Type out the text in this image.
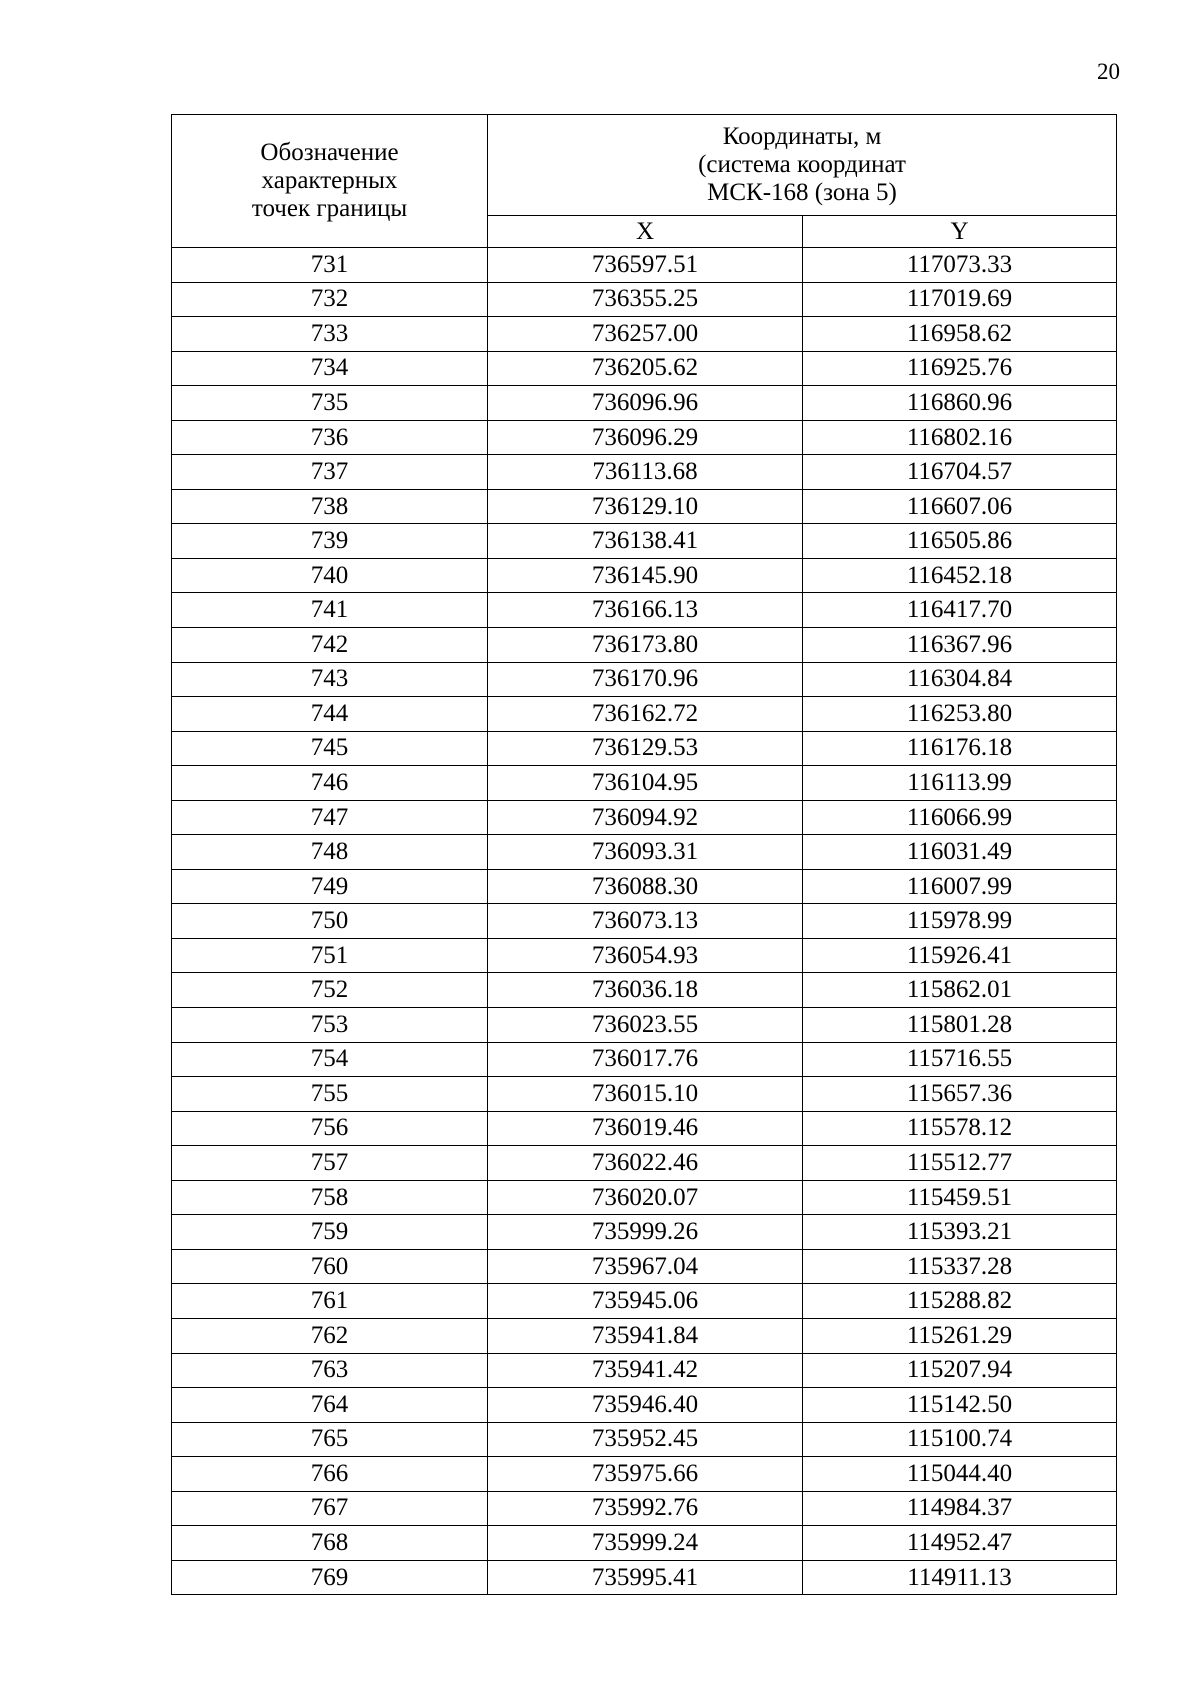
20
Обозначение
характерных
точек границы	Координаты, м
(система координат
МСК-168 (зона 5)	

	X	Y
731	736597.51	117073.33
732	736355.25	117019.69
733	736257.00	116958.62
734	736205.62	116925.76
735	736096.96	116860.96
736	736096.29	116802.16
737	736113.68	116704.57
738	736129.10	116607.06
739	736138.41	116505.86
740	736145.90	116452.18
741	736166.13	116417.70
742	736173.80	116367.96
743	736170.96	116304.84
744	736162.72	116253.80
745	736129.53	116176.18
746	736104.95	116113.99
747	736094.92	116066.99
748	736093.31	116031.49
749	736088.30	116007.99
750	736073.13	115978.99
751	736054.93	115926.41
752	736036.18	115862.01
753	736023.55	115801.28
754	736017.76	115716.55
755	736015.10	115657.36
756	736019.46	115578.12
757	736022.46	115512.77
758	736020.07	115459.51
759	735999.26	115393.21
760	735967.04	115337.28
761	735945.06	115288.82
762	735941.84	115261.29
763	735941.42	115207.94
764	735946.40	115142.50
765	735952.45	115100.74
766	735975.66	115044.40
767	735992.76	114984.37
768	735999.24	114952.47
769	735995.41	114911.13
